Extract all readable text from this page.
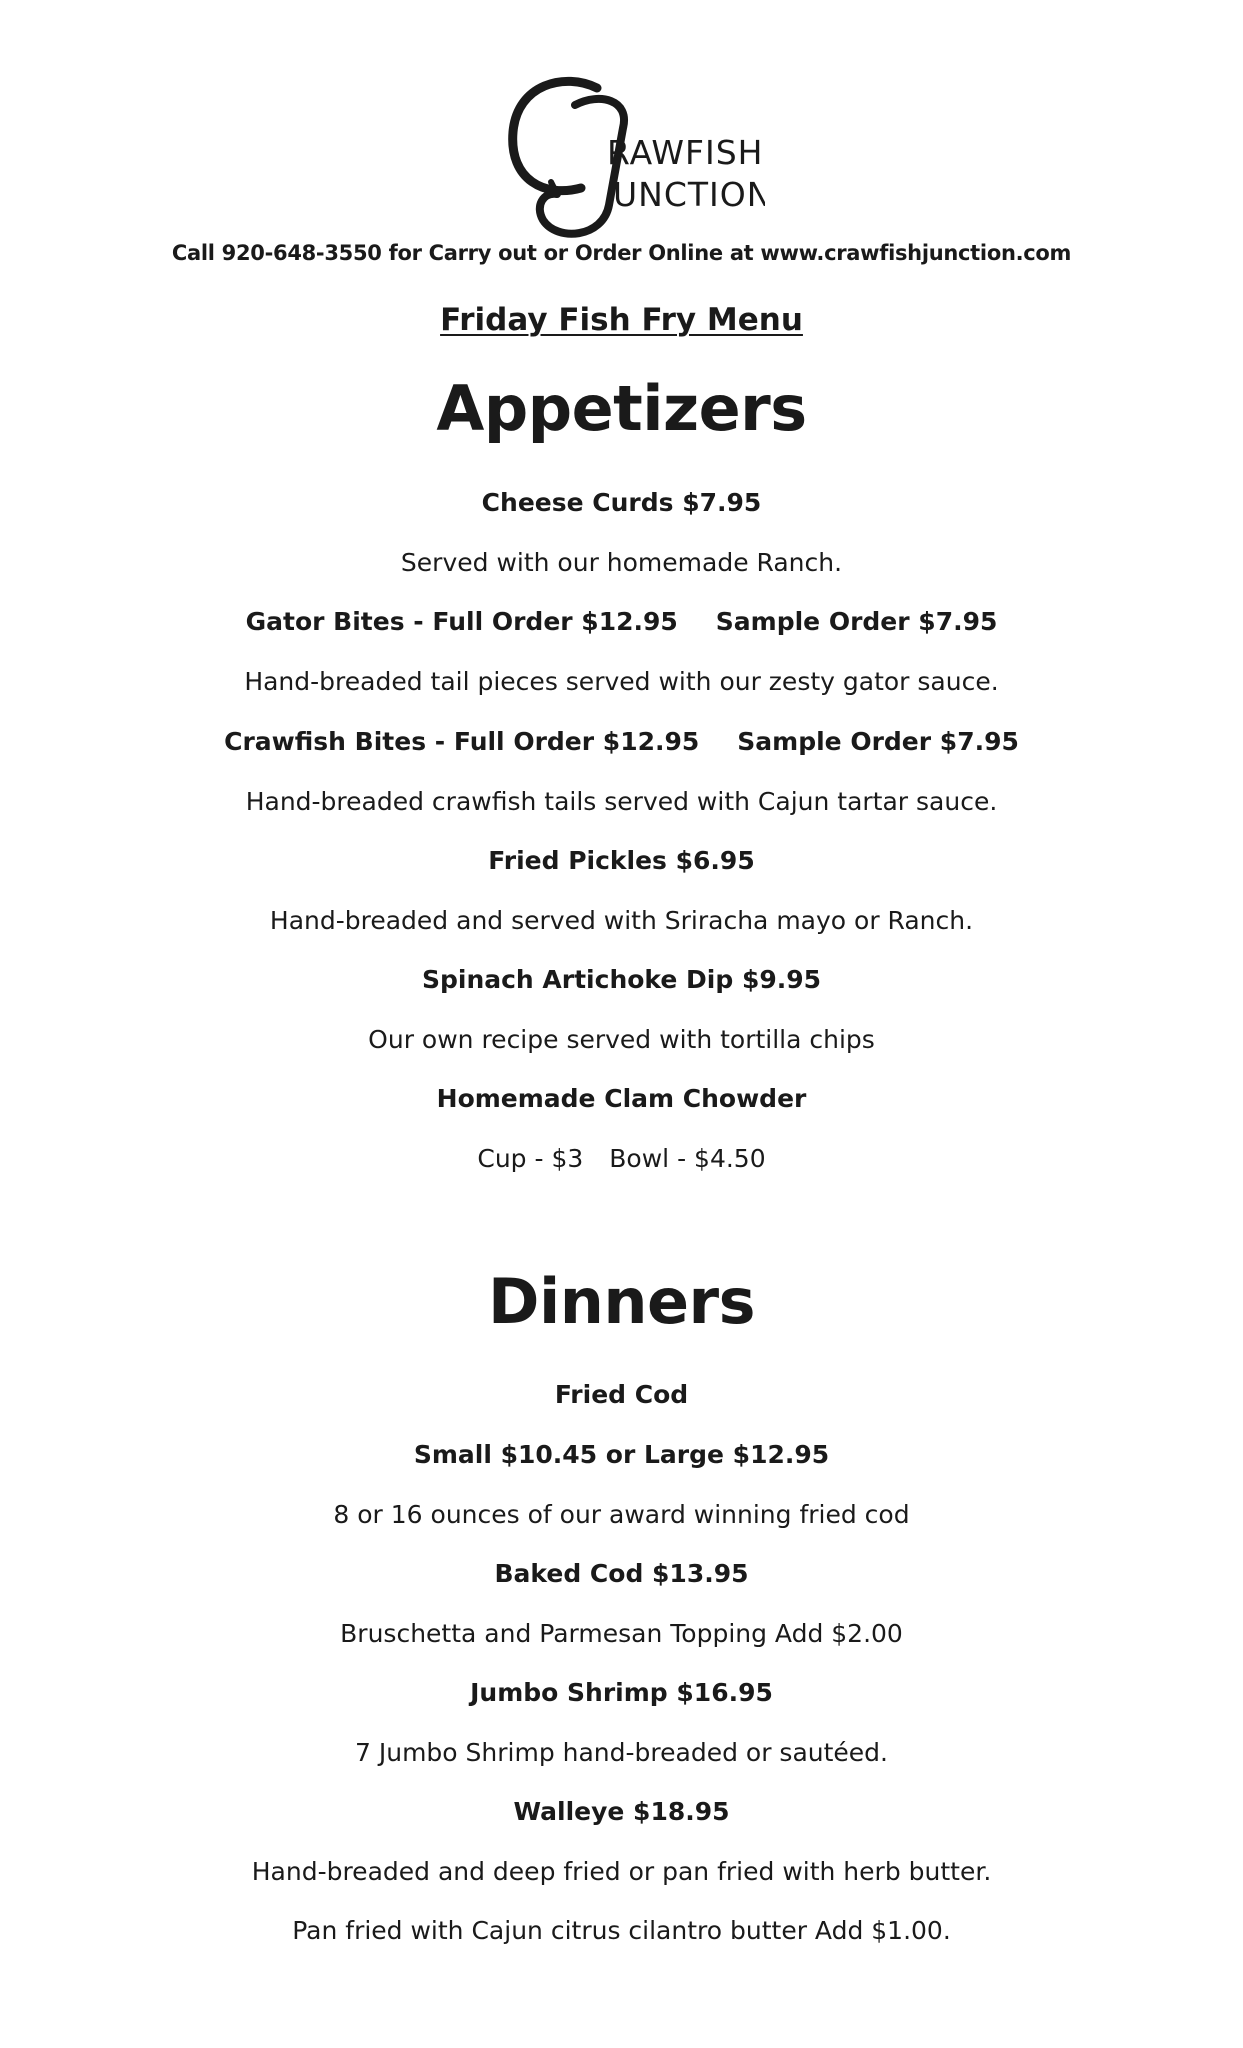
RAWFISH
UNCTION
Call 920-648-3550 for Carry out or Order Online at www.crawfishjunction.com
Friday Fish Fry Menu
Appetizers
Cheese Curds $7.95
Served with our homemade Ranch.
Gator Bites - Full Order $12.95 Sample Order $7.95
Hand-breaded tail pieces served with our zesty gator sauce.
Crawfish Bites - Full Order $12.95 Sample Order $7.95
Hand-breaded crawfish tails served with Cajun tartar sauce.
Fried Pickles $6.95
Hand-breaded and served with Sriracha mayo or Ranch.
Spinach Artichoke Dip $9.95
Our own recipe served with tortilla chips
Homemade Clam Chowder
Cup - $3 Bowl - $4.50
Dinners
Fried Cod
Small $10.45 or Large $12.95
8 or 16 ounces of our award winning fried cod
Baked Cod $13.95
Bruschetta and Parmesan Topping Add $2.00
Jumbo Shrimp $16.95
7 Jumbo Shrimp hand-breaded or sautéed.
Walleye $18.95
Hand-breaded and deep fried or pan fried with herb butter.
Pan fried with Cajun citrus cilantro butter Add $1.00.
